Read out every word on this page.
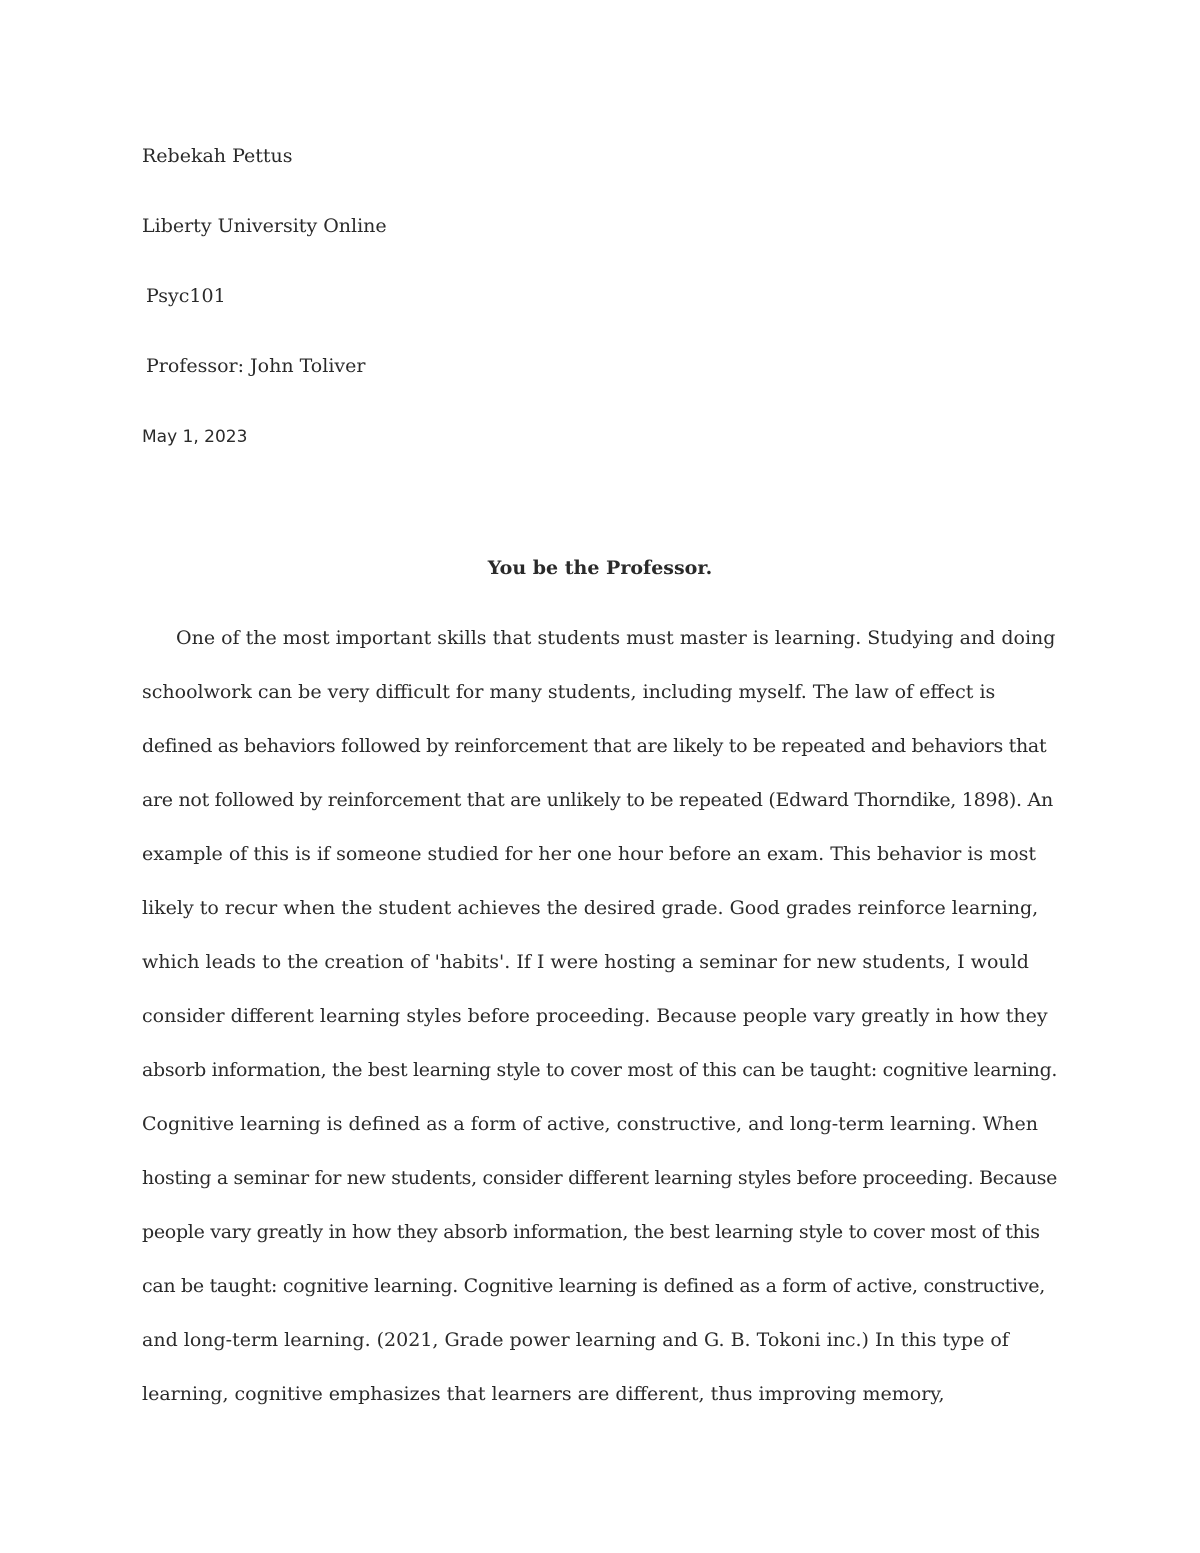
Rebekah Pettus
Liberty University Online
Psyc101
Professor: John Toliver
May 1, 2023
You be the Professor.
One of the most important skills that students must master is learning. Studying and doing
schoolwork can be very difficult for many students, including myself. The law of effect is
defined as behaviors followed by reinforcement that are likely to be repeated and behaviors that
are not followed by reinforcement that are unlikely to be repeated (Edward Thorndike, 1898). An
example of this is if someone studied for her one hour before an exam. This behavior is most
likely to recur when the student achieves the desired grade. Good grades reinforce learning,
which leads to the creation of 'habits'. If I were hosting a seminar for new students, I would
consider different learning styles before proceeding. Because people vary greatly in how they
absorb information, the best learning style to cover most of this can be taught: cognitive learning.
Cognitive learning is defined as a form of active, constructive, and long-term learning. When
hosting a seminar for new students, consider different learning styles before proceeding. Because
people vary greatly in how they absorb information, the best learning style to cover most of this
can be taught: cognitive learning. Cognitive learning is defined as a form of active, constructive,
and long-term learning. (2021, Grade power learning and G. B. Tokoni inc.) In this type of
learning, cognitive emphasizes that learners are different, thus improving memory,
